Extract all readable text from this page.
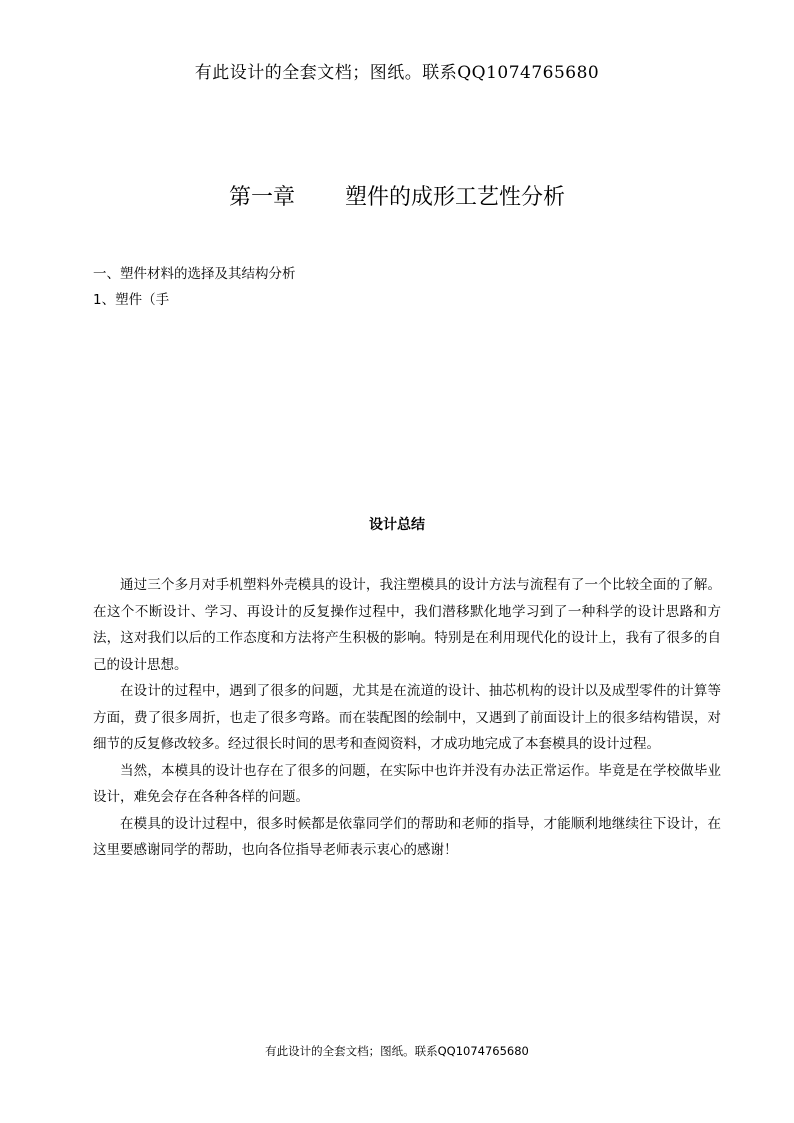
有此设计的全套文档；图纸。联系QQ1074765680
第一章 塑件的成形工艺性分析
一、塑件材料的选择及其结构分析
1、塑件（手
设计总结

通过三个多月对手机塑料外壳模具的设计，我注塑模具的设计方法与流程有了一个比较全面的了解。在这个不断设计、学习、再设计的反复操作过程中，我们潜移默化地学习到了一种科学的设计思路和方法，这对我们以后的工作态度和方法将产生积极的影响。特别是在利用现代化的设计上，我有了很多的自己的设计思想。

在设计的过程中，遇到了很多的问题，尤其是在流道的设计、抽芯机构的设计以及成型零件的计算等方面，费了很多周折，也走了很多弯路。而在装配图的绘制中，又遇到了前面设计上的很多结构错误，对细节的反复修改较多。经过很长时间的思考和查阅资料，才成功地完成了本套模具的设计过程。

当然，本模具的设计也存在了很多的问题，在实际中也许并没有办法正常运作。毕竟是在学校做毕业设计，难免会存在各种各样的问题。

在模具的设计过程中，很多时候都是依靠同学们的帮助和老师的指导，才能顺利地继续往下设计，在这里要感谢同学的帮助，也向各位指导老师表示衷心的感谢！

有此设计的全套文档；图纸。联系QQ1074765680
